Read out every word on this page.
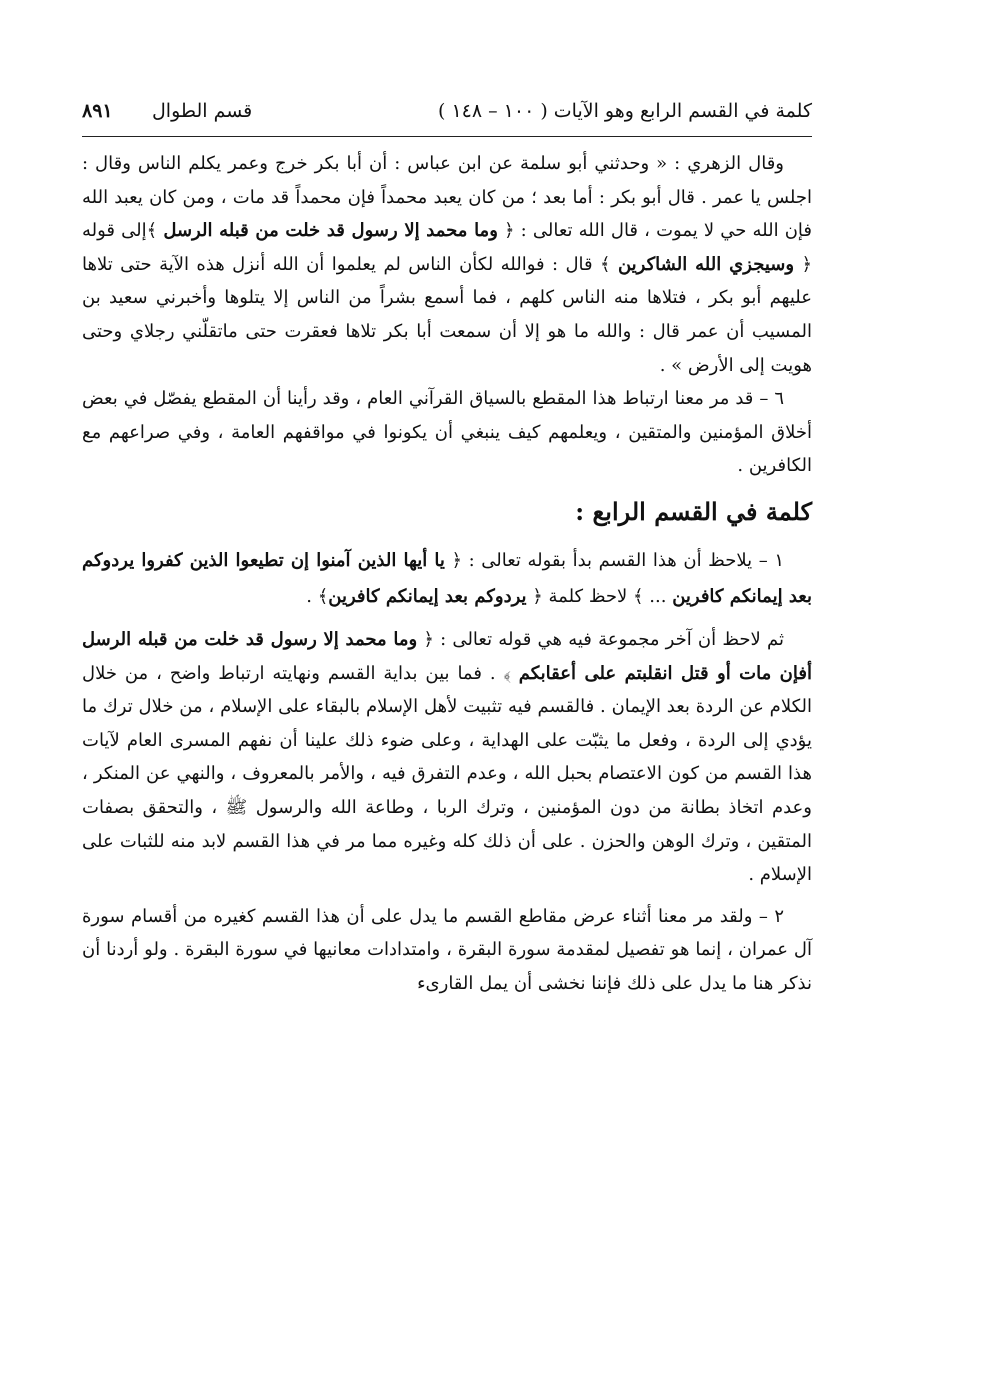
كلمة في القسم الرابع وهو الآيات ( ١٠٠ – ١٤٨ )
قسم الطوال
٨٩١

وقال الزهري : « وحدثني أبو سلمة عن ابن عباس : أن أبا بكر خرج وعمر يكلم الناس وقال : اجلس يا عمر . قال أبو بكر : أما بعد ؛ من كان يعبد محمداً فإن محمداً قد مات ، ومن كان يعبد الله فإن الله حي لا يموت ، قال الله تعالى : ﴿ وما محمد إلا رسول قد خلت من قبله الرسل ﴾إلى قوله ﴿ وسيجزي الله الشاكرين ﴾ قال : فوالله لكأن الناس لم يعلموا أن الله أنزل هذه الآية حتى تلاها عليهم أبو بكر ، فتلاها منه الناس كلهم ، فما أسمع بشراً من الناس إلا يتلوها وأخبرني سعيد بن المسيب أن عمر قال : والله ما هو إلا أن سمعت أبا بكر تلاها فعقرت حتى ماتقلّني رجلاي وحتى هويت إلى الأرض » .

٦ – قد مر معنا ارتباط هذا المقطع بالسياق القرآني العام ، وقد رأينا أن المقطع يفصّل في بعض أخلاق المؤمنين والمتقين ، ويعلمهم كيف ينبغي أن يكونوا في مواقفهم العامة ، وفي صراعهم مع الكافرين .

كلمة في القسم الرابع :

١ – يلاحظ أن هذا القسم بدأ بقوله تعالى : ﴿ يا أيها الذين آمنوا إن تطيعوا الذين كفروا يردوكم بعد إيمانكم كافرين ... ﴾ لاحظ كلمة ﴿ يردوكم بعد إيمانكم كافرين﴾ .

ثم لاحظ أن آخر مجموعة فيه هي قوله تعالى : ﴿ وما محمد إلا رسول قد خلت من قبله الرسل أفإن مات أو قتل انقلبتم على أعقابكم ﴾ . فما بين بداية القسم ونهايته ارتباط واضح ، من خلال الكلام عن الردة بعد الإيمان . فالقسم فيه تثبيت لأهل الإسلام بالبقاء على الإسلام ، من خلال ترك ما يؤدي إلى الردة ، وفعل ما يثبّت على الهداية ، وعلى ضوء ذلك علينا أن نفهم المسرى العام لآيات هذا القسم من كون الاعتصام بحبل الله ، وعدم التفرق فيه ، والأمر بالمعروف ، والنهي عن المنكر ، وعدم اتخاذ بطانة من دون المؤمنين ، وترك الربا ، وطاعة الله والرسول ﷺ ، والتحقق بصفات المتقين ، وترك الوهن والحزن . على أن ذلك كله وغيره مما مر في هذا القسم لابد منه للثبات على الإسلام .

٢ – ولقد مر معنا أثناء عرض مقاطع القسم ما يدل على أن هذا القسم كغيره من أقسام سورة آل عمران ، إنما هو تفصيل لمقدمة سورة البقرة ، وامتدادات معانيها في سورة البقرة . ولو أردنا أن نذكر هنا ما يدل على ذلك فإننا نخشى أن يمل القارىء
